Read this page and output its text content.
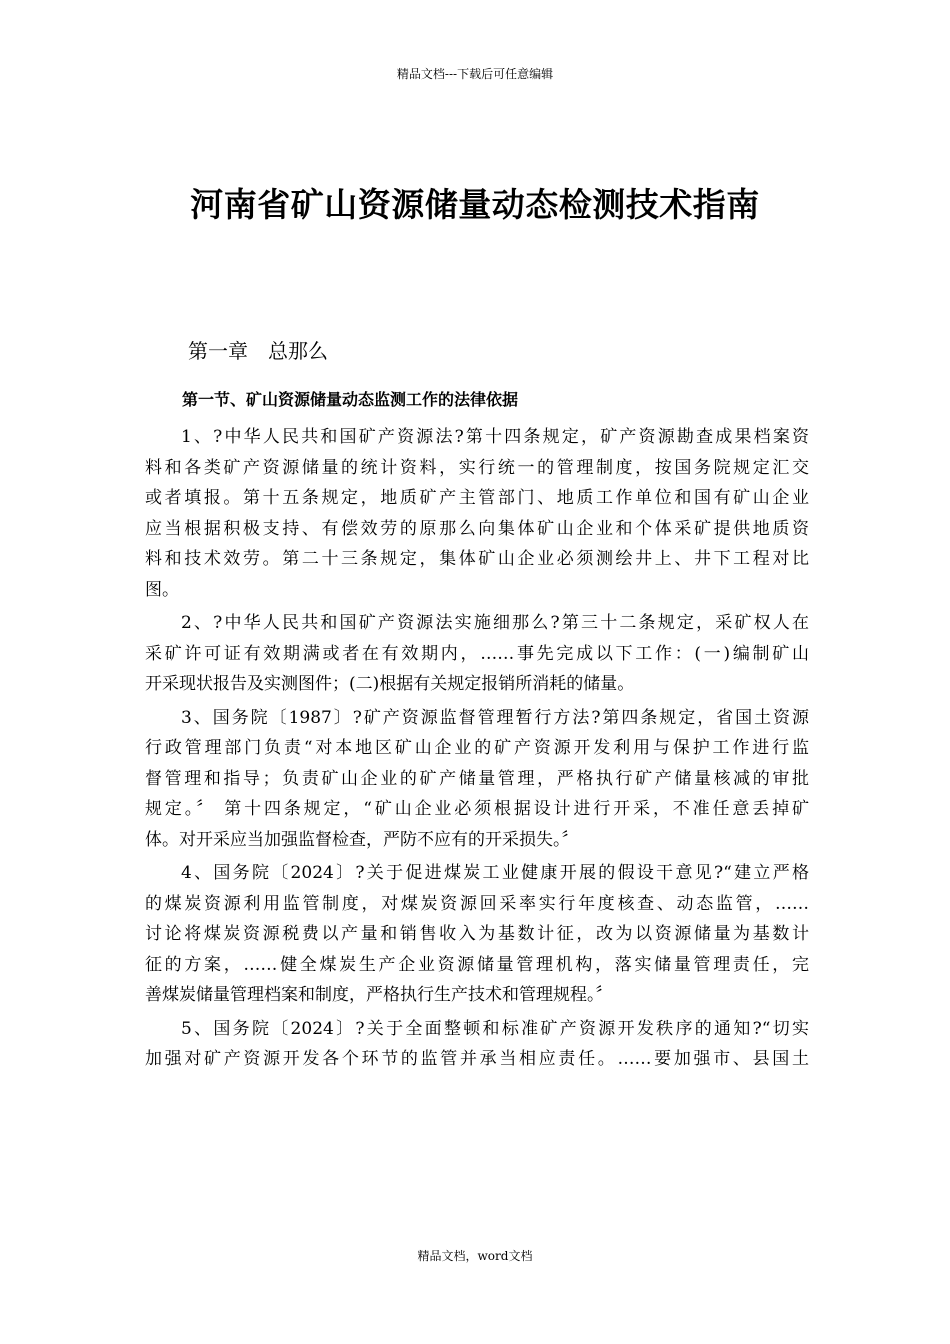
精品文档---下载后可任意编辑
河南省矿山资源储量动态检测技术指南
第一章　总那么
第一节、矿山资源储量动态监测工作的法律依据
1、?中华人民共和国矿产资源法?第十四条规定，矿产资源勘查成果档案资
料和各类矿产资源储量的统计资料，实行统一的管理制度，按国务院规定汇交
或者填报。第十五条规定，地质矿产主管部门、地质工作单位和国有矿山企业
应当根据积极支持、有偿效劳的原那么向集体矿山企业和个体采矿提供地质资
料和技术效劳。第二十三条规定，集体矿山企业必须测绘井上、井下工程对比
图。
2、?中华人民共和国矿产资源法实施细那么?第三十二条规定，采矿权人在
采矿许可证有效期满或者在有效期内，……事先完成以下工作：(一)编制矿山
开采现状报告及实测图件；(二)根据有关规定报销所消耗的储量。
3、国务院〔1987〕?矿产资源监督管理暂行方法?第四条规定，省国土资源
行政管理部门负责“对本地区矿山企业的矿产资源开发利用与保护工作进行监
督管理和指导；负责矿山企业的矿产储量管理，严格执行矿产储量核减的审批
规定。〞 第十四条规定，“矿山企业必须根据设计进行开采，不准任意丢掉矿
体。对开采应当加强监督检查，严防不应有的开采损失。〞
4、国务院〔2024〕?关于促进煤炭工业健康开展的假设干意见?“建立严格
的煤炭资源利用监管制度，对煤炭资源回采率实行年度核查、动态监管，……
讨论将煤炭资源税费以产量和销售收入为基数计征，改为以资源储量为基数计
征的方案，……健全煤炭生产企业资源储量管理机构，落实储量管理责任，完
善煤炭储量管理档案和制度，严格执行生产技术和管理规程。〞
5、国务院〔2024〕?关于全面整顿和标准矿产资源开发秩序的通知?“切实
加强对矿产资源开发各个环节的监管并承当相应责任。……要加强市、县国土
精品文档，word文档
